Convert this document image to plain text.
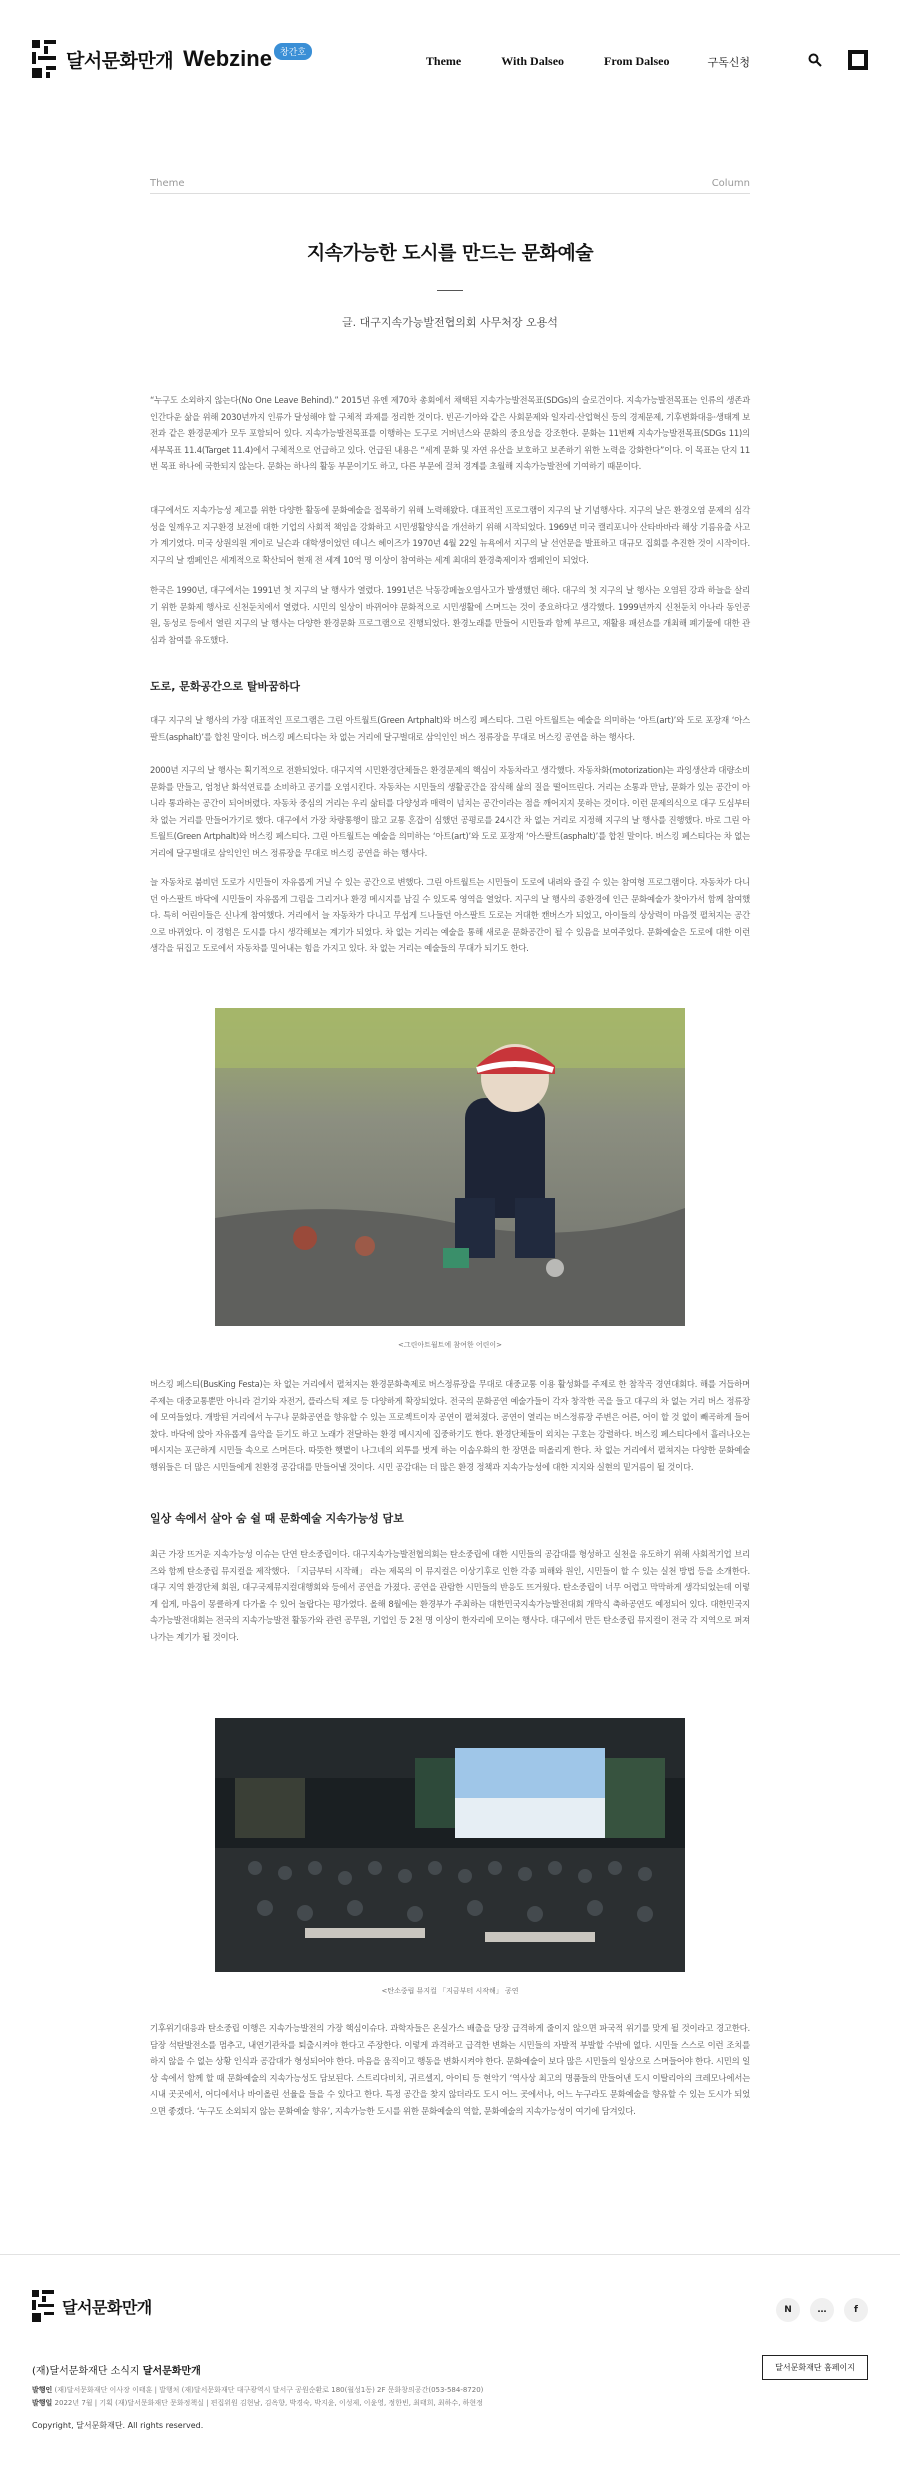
달서문화만개 Webzine 창간호
Theme	With Dalseo	From Dalseo	구독신청
Theme	Column
지속가능한 도시를 만드는 문화예술
글. 대구지속가능발전협의회 사무처장 오용석

“누구도 소외하지 않는다(No One Leave Behind).” 2015년 유엔 제70차 총회에서 채택된 지속가능발전목표(SDGs)의 슬로건이다. 지속가능발전목표는 인류의 생존과 인간다운 삶을 위해 2030년까지 인류가 달성해야 할 구체적 과제를 정리한 것이다. 빈곤·기아와 같은 사회문제와 일자리·산업혁신 등의 경제문제, 기후변화대응·생태계 보전과 같은 환경문제가 모두 포함되어 있다. 지속가능발전목표를 이행하는 도구로 거버넌스와 문화의 중요성을 강조한다. 문화는 11번째 지속가능발전목표(SDGs 11)의 세부목표 11.4(Target 11.4)에서 구체적으로 언급하고 있다. 언급된 내용은 “세계 문화 및 자연 유산을 보호하고 보존하기 위한 노력을 강화한다”이다. 이 목표는 단지 11번 목표 하나에 국한되지 않는다. 문화는 하나의 활동 부문이기도 하고, 다른 부문에 걸쳐 경계를 초월해 지속가능발전에 기여하기 때문이다.

대구에서도 지속가능성 제고를 위한 다양한 활동에 문화예술을 접목하기 위해 노력해왔다. 대표적인 프로그램이 지구의 날 기념행사다. 지구의 날은 환경오염 문제의 심각성을 일깨우고 지구환경 보전에 대한 기업의 사회적 책임을 강화하고 시민생활양식을 개선하기 위해 시작되었다. 1969년 미국 캘리포니아 산타바바라 해상 기름유출 사고가 계기였다. 미국 상원의원 게이로 닐슨과 대학생이었던 데니스 헤이즈가 1970년 4월 22일 뉴욕에서 지구의 날 선언문을 발표하고 대규모 집회를 추진한 것이 시작이다. 지구의 날 캠페인은 세계적으로 확산되어 현재 전 세계 10억 명 이상이 참여하는 세계 최대의 환경축제이자 캠페인이 되었다.

한국은 1990년, 대구에서는 1991년 첫 지구의 날 행사가 열렸다. 1991년은 낙동강페놀오염사고가 발생했던 해다. 대구의 첫 지구의 날 행사는 오염된 강과 하늘을 살리기 위한 문화제 행사로 신천둔치에서 열렸다. 시민의 일상이 바뀌어야 문화적으로 시민생활에 스며드는 것이 중요하다고 생각했다. 1999년까지 신천둔치 아나라 동인공원, 동성로 등에서 열린 지구의 날 행사는 다양한 환경문화 프로그램으로 진행되었다. 환경노래를 만들어 시민들과 함께 부르고, 재활용 패션쇼를 개최해 폐기물에 대한 관심과 참여를 유도했다.

도로, 문화공간으로 탈바꿈하다

대구 지구의 날 행사의 가장 대표적인 프로그램은 그린 아트월트(Green Artphalt)와 버스킹 페스티다. 그린 아트월트는 예술을 의미하는 ‘아트(art)’와 도로 포장재 ‘아스팔트(asphalt)’를 합친 말이다. 버스킹 페스티다는 차 없는 거리에 달구벌대로 삼익인인 버스 정류장을 무대로 버스킹 공연을 하는 행사다.

2000년 지구의 날 행사는 획기적으로 전환되었다. 대구지역 시민환경단체들은 환경문제의 핵심이 자동차라고 생각했다. 자동차화(motorization)는 과잉생산과 대량소비문화를 만들고, 엄청난 화석연료를 소비하고 공기를 오염시킨다. 자동차는 시민들의 생활공간을 잠식해 삶의 질을 떨어뜨린다. 거리는 소통과 만남, 문화가 있는 공간이 아니라 통과하는 공간이 되어버렸다. 자동차 중심의 거리는 우리 삶터를 다양성과 매력이 넘치는 공간이라는 점을 깨어지지 못하는 것이다. 이런 문제의식으로 대구 도심부터 차 없는 거리를 만들어가기로 했다. 대구에서 가장 차량통행이 많고 교통 혼잡이 심했던 공평로를 24시간 차 없는 거리로 지정해 지구의 날 행사를 진행했다. 바로 그린 아트월트(Green Artphalt)와 버스킹 페스티다. 그린 아트월트는 예술을 의미하는 ‘아트(art)’와 도로 포장재 ‘아스팔트(asphalt)’를 합친 말이다. 버스킹 페스티다는 차 없는 거리에 달구벌대로 삼익인인 버스 정류장을 무대로 버스킹 공연을 하는 행사다.

늘 자동차로 붐비던 도로가 시민들이 자유롭게 거닐 수 있는 공간으로 변했다. 그린 아트월트는 시민들이 도로에 내려와 즐길 수 있는 참여형 프로그램이다. 자동차가 다니던 아스팔트 바닥에 시민들이 자유롭게 그림을 그리거나 환경 메시지를 남길 수 있도록 영역을 열었다. 지구의 날 행사의 종환경에 인근 문화예술가 찾아가서 함께 참여했다. 특히 어린이들은 신나게 참여했다. 거리에서 늘 자동차가 다니고 무섭게 드나들던 아스팔트 도로는 거대한 캔버스가 되었고, 아이들의 상상력이 마음껏 펼쳐지는 공간으로 바뀌었다. 이 경험은 도시를 다시 생각해보는 계기가 되었다. 차 없는 거리는 예술을 통해 새로운 문화공간이 될 수 있음을 보여주었다. 문화예술은 도로에 대한 이런 생각을 뒤집고 도로에서 자동차를 밀어내는 힘을 가지고 있다. 차 없는 거리는 예술들의 무대가 되기도 한다.

<그린아트월트에 참여한 어린이>

버스킹 페스티(BusKing Festa)는 차 없는 거리에서 펼쳐지는 환경문화축제로 버스정류장을 무대로 대중교통 이용 활성화를 주제로 한 참작곡 경연대회다. 해를 거듭하며 주제는 대중교통뿐만 아니라 걷기와 자전거, 플라스틱 제로 등 다양하게 확장되었다. 전국의 문화공연 예술가들이 각자 창작한 곡을 들고 대구의 차 없는 거리 버스 정류장에 모여들었다. 개방된 거리에서 누구나 문화공연을 향유할 수 있는 프로젝트이자 공연이 펼쳐졌다. 공연이 열리는 버스정류장 주변은 어른, 어이 할 것 없이 빼곡하게 들어찼다. 바닥에 앉아 자유롭게 음악을 듣기도 하고 노래가 전달하는 환경 메시지에 집중하기도 한다. 환경단체들이 외치는 구호는 강렬하다. 버스킹 페스티다에서 흘러나오는 메시지는 포근하게 시민들 속으로 스며든다. 따뜻한 햇볕이 나그네의 외투를 벗게 하는 이솝우화의 한 장면을 떠올리게 한다. 차 없는 거리에서 펼쳐지는 다양한 문화예술 행위들은 더 많은 시민들에게 친환경 공감대를 만들어낼 것이다. 시민 공감대는 더 많은 환경 정책과 지속가능성에 대한 지지와 실현의 밑거름이 될 것이다.

일상 속에서 살아 숨 쉴 때 문화예술 지속가능성 담보

최근 가장 뜨거운 지속가능성 이슈는 단연 탄소중립이다. 대구지속가능발전협의회는 탄소중립에 대한 시민들의 공감대를 형성하고 실천을 유도하기 위해 사회적기업 브리즈와 함께 탄소중립 뮤지컬을 제작했다. 「지금부터 시작해」 라는 제목의 이 뮤지컬은 이상기후로 인한 각종 피해와 원인, 시민들이 할 수 있는 실천 방법 등을 소개한다. 대구 지역 환경단체 회원, 대구국제뮤지컬대행회와 등에서 공연을 가졌다. 공연을 관람한 시민들의 반응도 뜨거웠다. 탄소중립이 너무 어렵고 막막하게 생각되었는데 이렇게 쉽게, 마음이 몽클하게 다가올 수 있어 놀랍다는 평가였다. 올해 8월에는 환경부가 주최하는 대한민국지속가능발전대회 개막식 축하공연도 예정되어 있다. 대한민국지속가능발전대회는 전국의 지속가능발전 활동가와 관련 공무원, 기업인 등 2천 명 이상이 한자리에 모이는 행사다. 대구에서 만든 탄소중립 뮤지컬이 전국 각 지역으로 퍼져나가는 계기가 될 것이다.

<탄소중립 뮤지컬 「지금부터 시작해」 공연

기후위기대응과 탄소중립 이행은 지속가능발전의 가장 핵심이슈다. 과학자들은 온실가스 배출을 당장 급격하게 줄이지 않으면 파국적 위기를 맞게 될 것이라고 경고한다. 담장 석탄발전소를 멈추고, 내연기관차를 퇴출시켜야 한다고 주장한다. 이렇게 과격하고 급격한 변화는 시민들의 자발적 부발할 수밖에 없다. 시민들 스스로 이런 조치를 하지 않을 수 없는 상황 인식과 공감대가 형성되어야 한다. 마음을 움직이고 행동을 변화시켜야 한다. 문화예술이 보다 많은 시민들의 일상으로 스며들어야 한다. 시민의 일상 속에서 함께 할 때 문화예술의 지속가능성도 담보된다. 스트리다비치, 귀르셀지, 아이티 등 현악기 ‘역사상 최고의 명품들의 만들어낸 도시 이탈리아의 크레모나에서는 시내 곳곳에서, 어디에서나 바이올린 선율을 들을 수 있다고 한다. 특정 공간을 찾지 않더라도 도시 어느 곳에서나, 어느 누구라도 문화예술을 향유할 수 있는 도시가 되었으면 좋겠다. ‘누구도 소외되지 않는 문화예술 향유’, 지속가능한 도시를 위한 문화예술의 역할, 문화예술의 지속가능성이 여기에 담겨있다.

달서문화만개	N	…	f
(재)달서문화재단 소식지 달서문화만개	달서문화재단 홈페이지
발행인 (재)달서문화재단 이사장 이태훈 | 발행처 (재)달서문화재단 대구광역시 달서구 공원순환로 180(월성1동) 2F 문화창의공간(053-584-8720)
발행일 2022년 7월 | 기획 (재)달서문화재단 문화정책실 | 편집위원 김현남, 김옥향, 박경숙, 박지윤, 이성제, 이윤영, 정한빈, 최태희, 최하수, 하현정
Copyright, 달서문화재단. All rights reserved.
